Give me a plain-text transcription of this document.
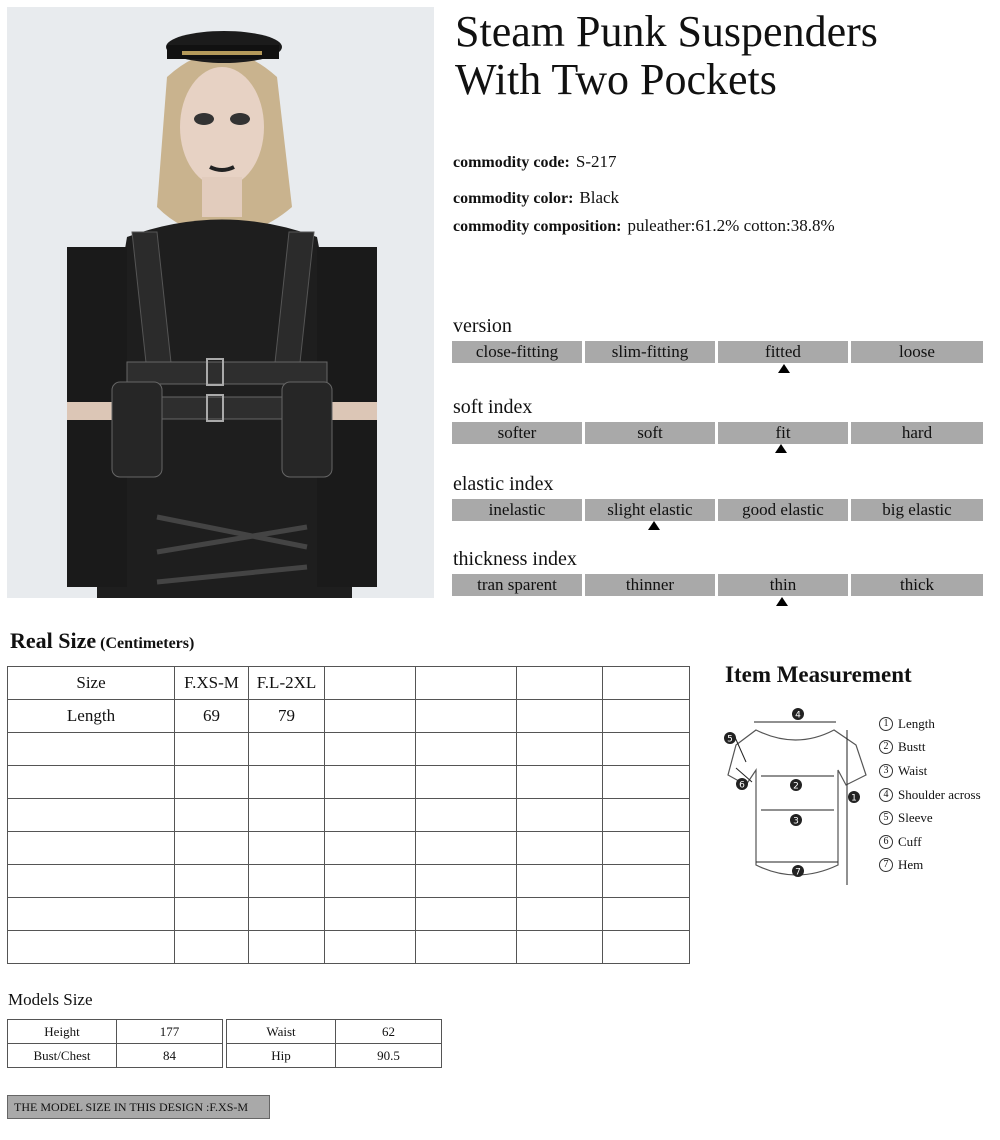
Steam Punk Suspenders
With Two Pockets
commodity code: S-217
commodity color: Black
commodity composition: puleather:61.2% cotton:38.8%
version
close-fitting	slim-fitting	fitted	loose
soft index
softer	soft	fit	hard
elastic index
inelastic	slight elastic	good elastic	big elastic
thickness index
tran sparent	thinner	thin	thick
Real Size (Centimeters)
Size	F.XS-M	F.L-2XL				
Length	69	79				

Item Measurement
4
2
3
7
1
5
6
1 Length
2 Bustt
3 Waist
4 Shoulder across
5 Sleeve
6 Cuff
7 Hem
Models Size
Height	177
Bust/Chest	84
Waist	62
Hip	90.5
THE MODEL SIZE IN THIS DESIGN :F.XS-M
